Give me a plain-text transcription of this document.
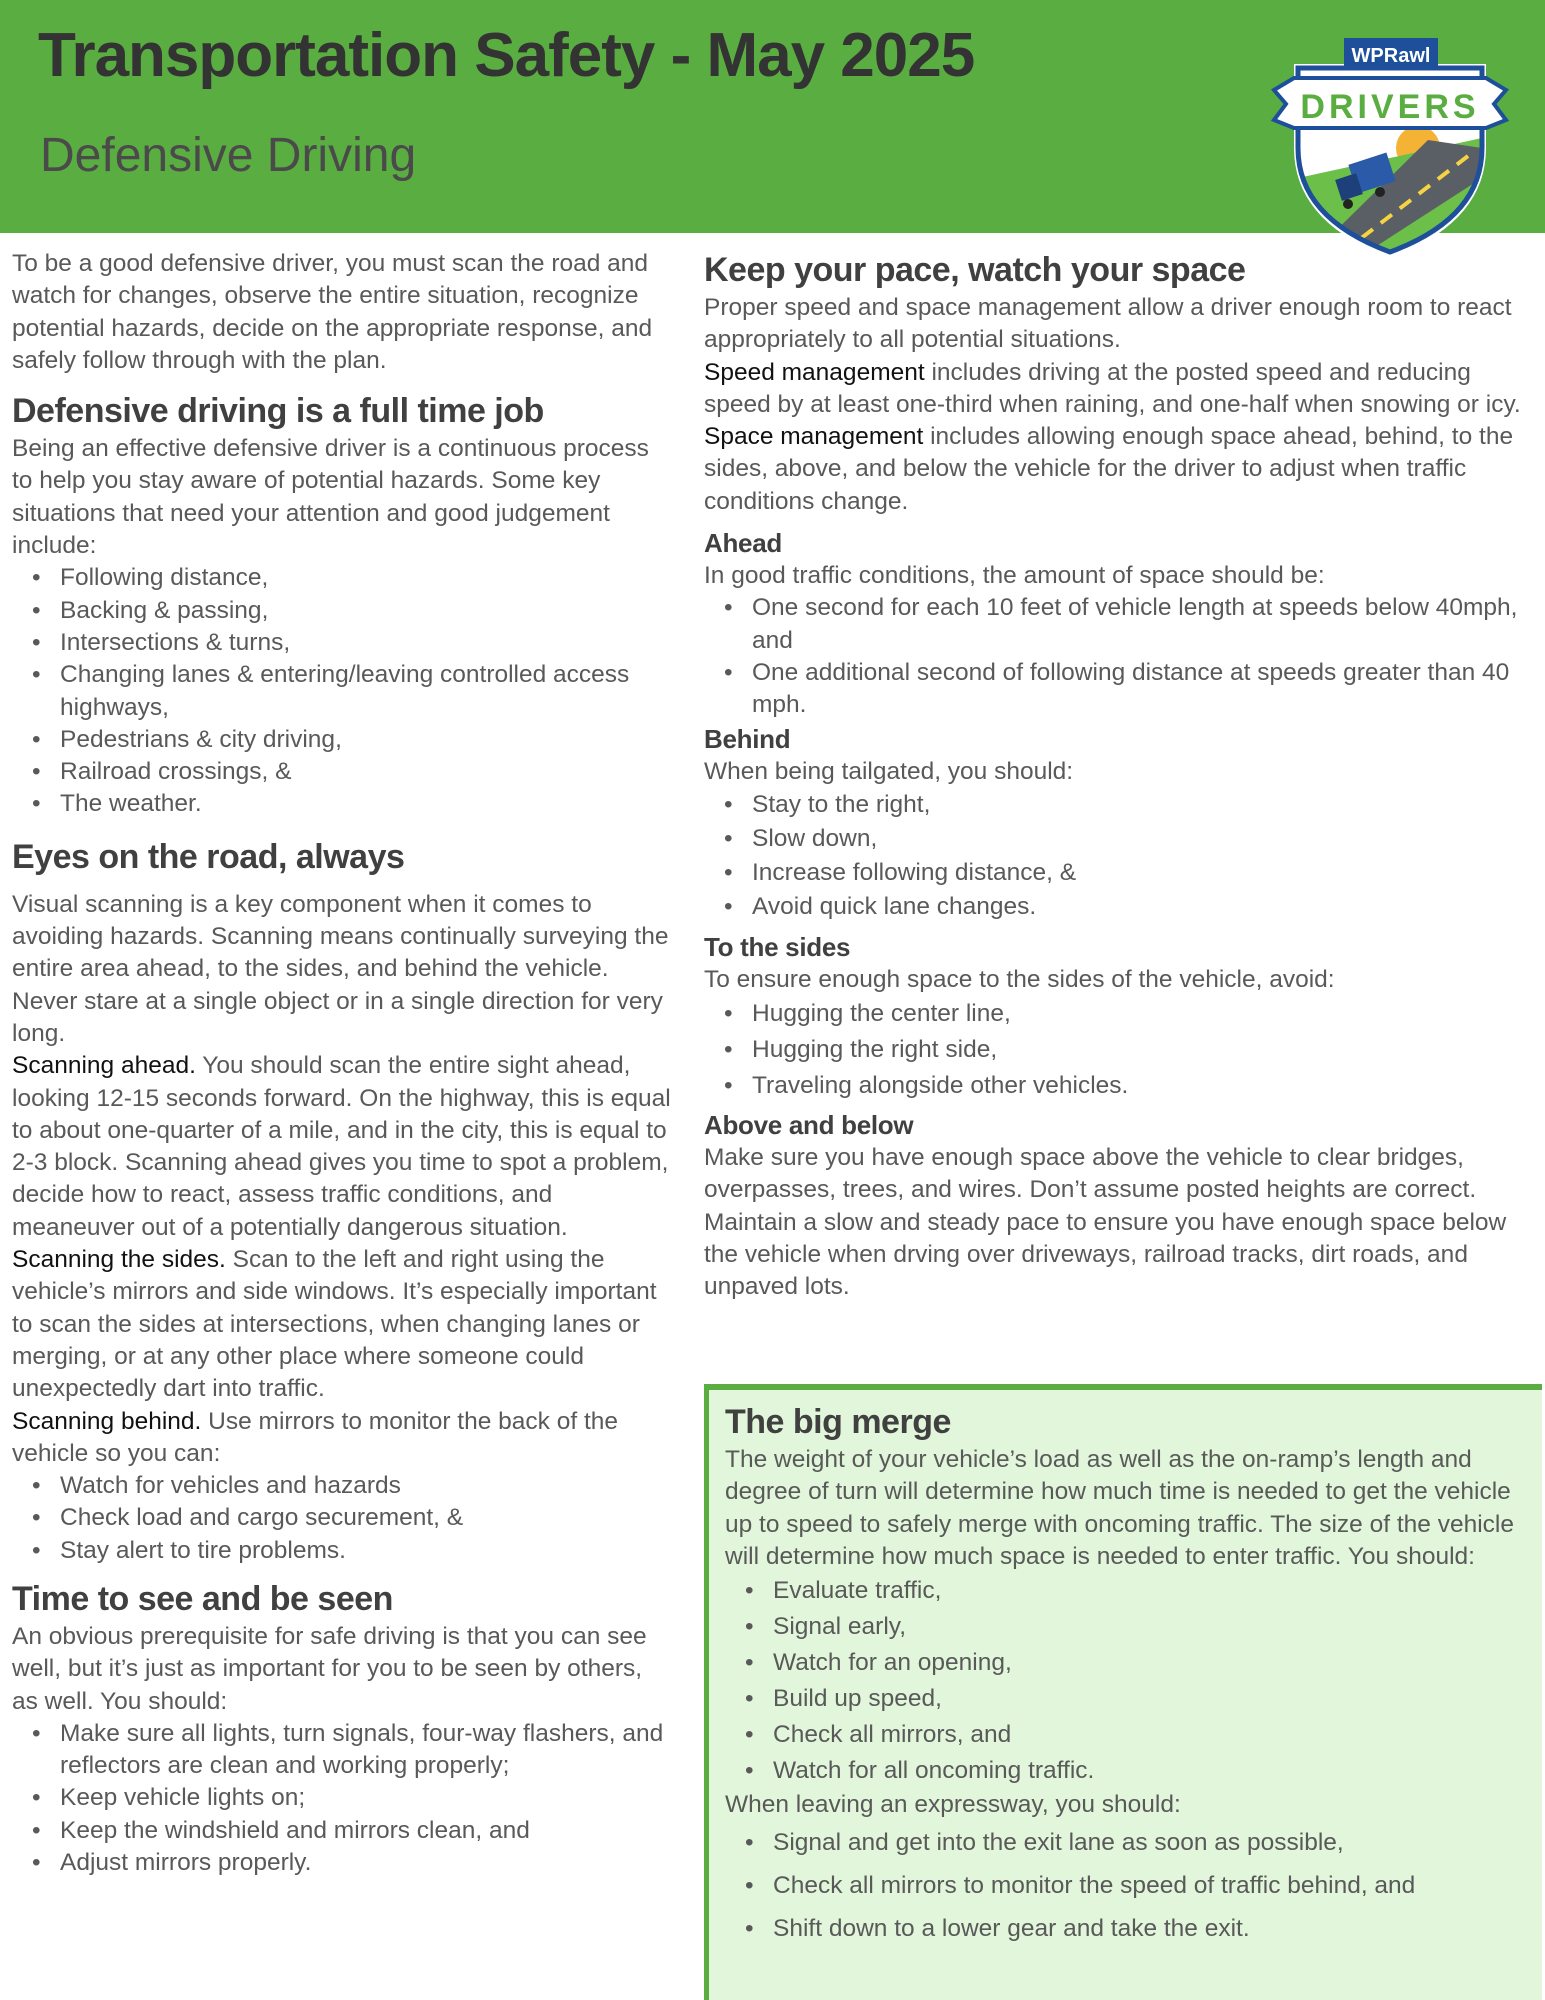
Transportation Safety - May 2025
Defensive Driving
WPRawl
DRIVERS

To be a good defensive driver, you must scan the road and watch for changes, observe the entire situation, recognize potential hazards, decide on the appropriate response, and safely follow through with the plan.

Defensive driving is a full time job

Being an effective defensive driver is a continuous process to help you stay aware of potential hazards. Some key situations that need your attention and good judgement include:

• Following distance,
• Backing & passing,
• Intersections & turns,
• Changing lanes & entering/leaving controlled access highways,
• Pedestrians & city driving,
• Railroad crossings, &
• The weather.
Eyes on the road, always

Visual scanning is a key component when it comes to avoiding hazards. Scanning means continually surveying the entire area ahead, to the sides, and behind the vehicle. Never stare at a single object or in a single direction for very long.

Scanning ahead. You should scan the entire sight ahead, looking 12-15 seconds forward. On the highway, this is equal to about one-quarter of a mile, and in the city, this is equal to 2-3 block. Scanning ahead gives you time to spot a problem, decide how to react, assess traffic conditions, and meaneuver out of a potentially dangerous situation.

Scanning the sides. Scan to the left and right using the vehicle’s mirrors and side windows. It’s especially important to scan the sides at intersections, when changing lanes or merging, or at any other place where someone could unexpectedly dart into traffic.

Scanning behind. Use mirrors to monitor the back of the vehicle so you can:

• Watch for vehicles and hazards
• Check load and cargo securement, &
• Stay alert to tire problems.
Time to see and be seen

An obvious prerequisite for safe driving is that you can see well, but it’s just as important for you to be seen by others, as well. You should:

• Make sure all lights, turn signals, four-way flashers, and reflectors are clean and working properly;
• Keep vehicle lights on;
• Keep the windshield and mirrors clean, and
• Adjust mirrors properly.
Keep your pace, watch your space

Proper speed and space management allow a driver enough room to react appropriately to all potential situations.

Speed management includes driving at the posted speed and reducing speed by at least one-third when raining, and one-half when snowing or icy.

Space management includes allowing enough space ahead, behind, to the sides, above, and below the vehicle for the driver to adjust when traffic conditions change.

Ahead

In good traffic conditions, the amount of space should be:

• One second for each 10 feet of vehicle length at speeds below 40mph, and
• One additional second of following distance at speeds greater than 40 mph.
Behind

When being tailgated, you should:

• Stay to the right,
• Slow down,
• Increase following distance, &
• Avoid quick lane changes.
To the sides

To ensure enough space to the sides of the vehicle, avoid:

• Hugging the center line,
• Hugging the right side,
• Traveling alongside other vehicles.
Above and below

Make sure you have enough space above the vehicle to clear bridges, overpasses, trees, and wires. Don’t assume posted heights are correct. Maintain a slow and steady pace to ensure you have enough space below the vehicle when drving over driveways, railroad tracks, dirt roads, and unpaved lots.

The big merge

The weight of your vehicle’s load as well as the on-ramp’s length and degree of turn will determine how much time is needed to get the vehicle up to speed to safely merge with oncoming traffic. The size of the vehicle will determine how much space is needed to enter traffic. You should:

• Evaluate traffic,
• Signal early,
• Watch for an opening,
• Build up speed,
• Check all mirrors, and
• Watch for all oncoming traffic.

When leaving an expressway, you should:

• Signal and get into the exit lane as soon as possible,
• Check all mirrors to monitor the speed of traffic behind, and
• Shift down to a lower gear and take the exit.
